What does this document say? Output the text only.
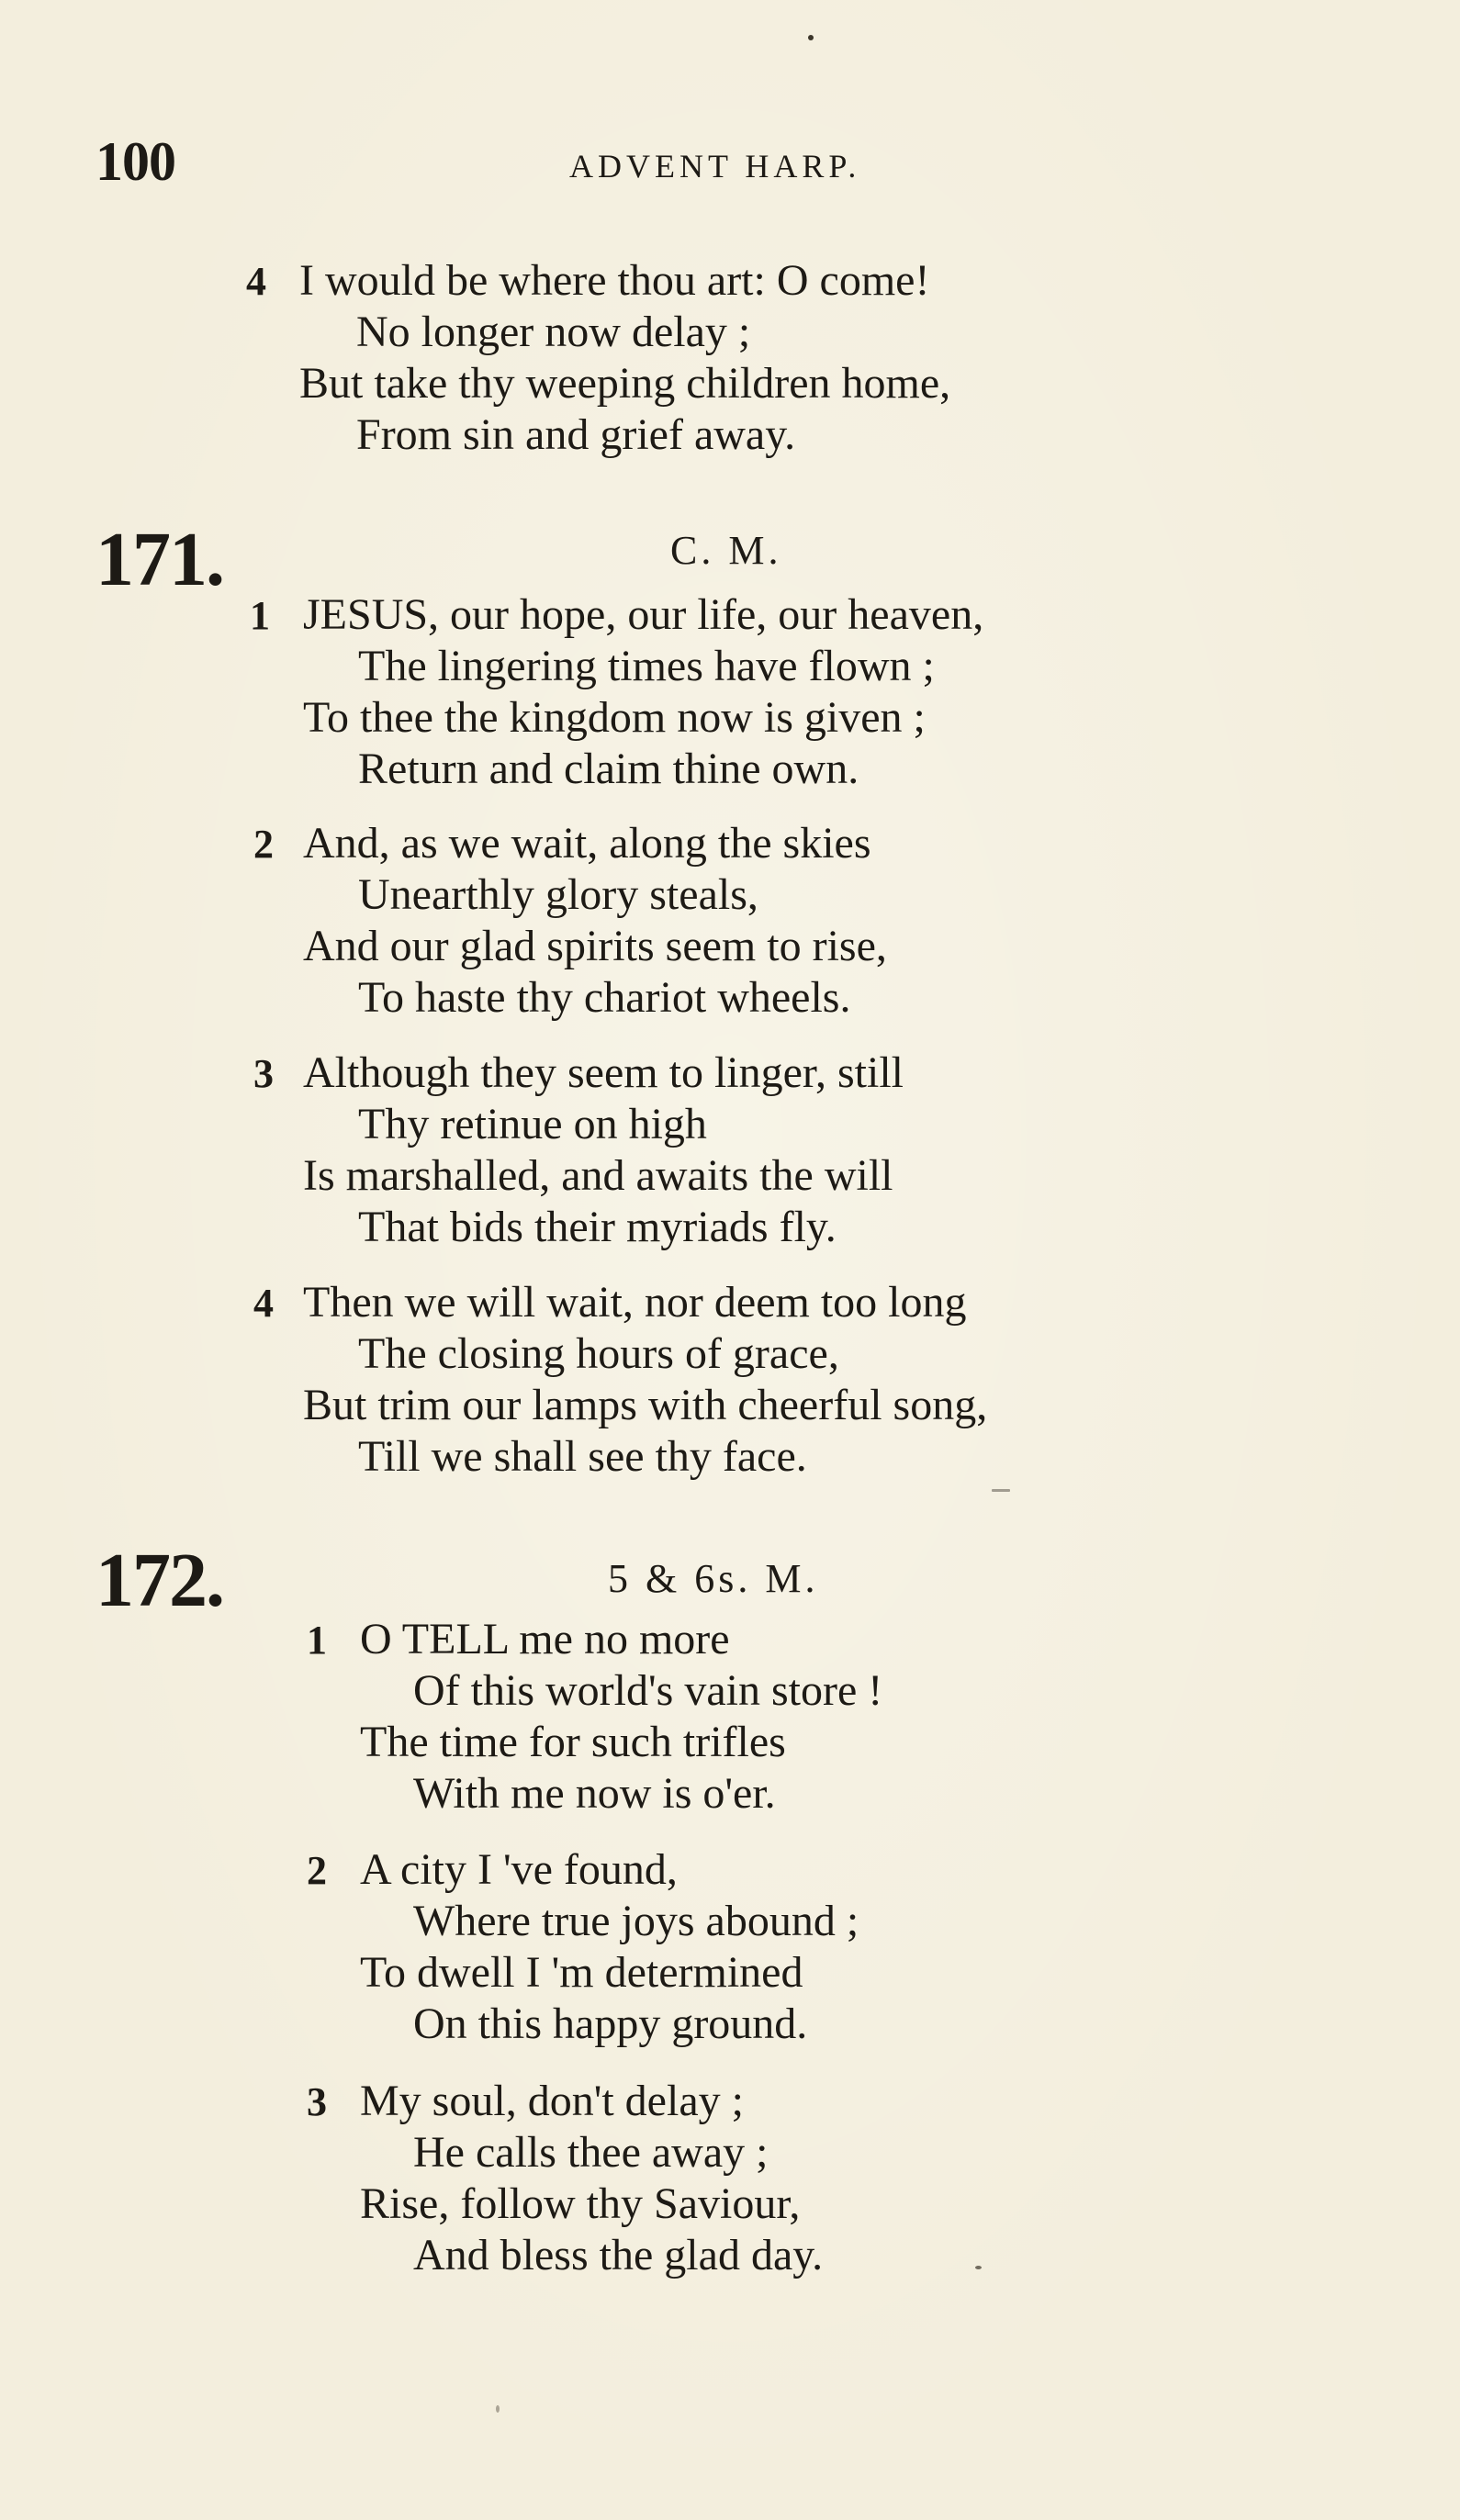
100	ADVENT HARP.
4 I would be where thou art: O come!
No longer now delay ;
But take thy weeping children home,
From sin and grief away.
171.	C. M.
1 JESUS, our hope, our life, our heaven,
The lingering times have flown ;
To thee the kingdom now is given ;
Return and claim thine own.
2 And, as we wait, along the skies
Unearthly glory steals,
And our glad spirits seem to rise,
To haste thy chariot wheels.
3 Although they seem to linger, still
Thy retinue on high
Is marshalled, and awaits the will
That bids their myriads fly.
4 Then we will wait, nor deem too long
The closing hours of grace,
But trim our lamps with cheerful song,
Till we shall see thy face.
172.	5 & 6s. M.
1 O TELL me no more
Of this world's vain store !
The time for such trifles
With me now is o'er.
2 A city I 've found,
Where true joys abound ;
To dwell I 'm determined
On this happy ground.
3 My soul, don't delay ;
He calls thee away ;
Rise, follow thy Saviour,
And bless the glad day.
